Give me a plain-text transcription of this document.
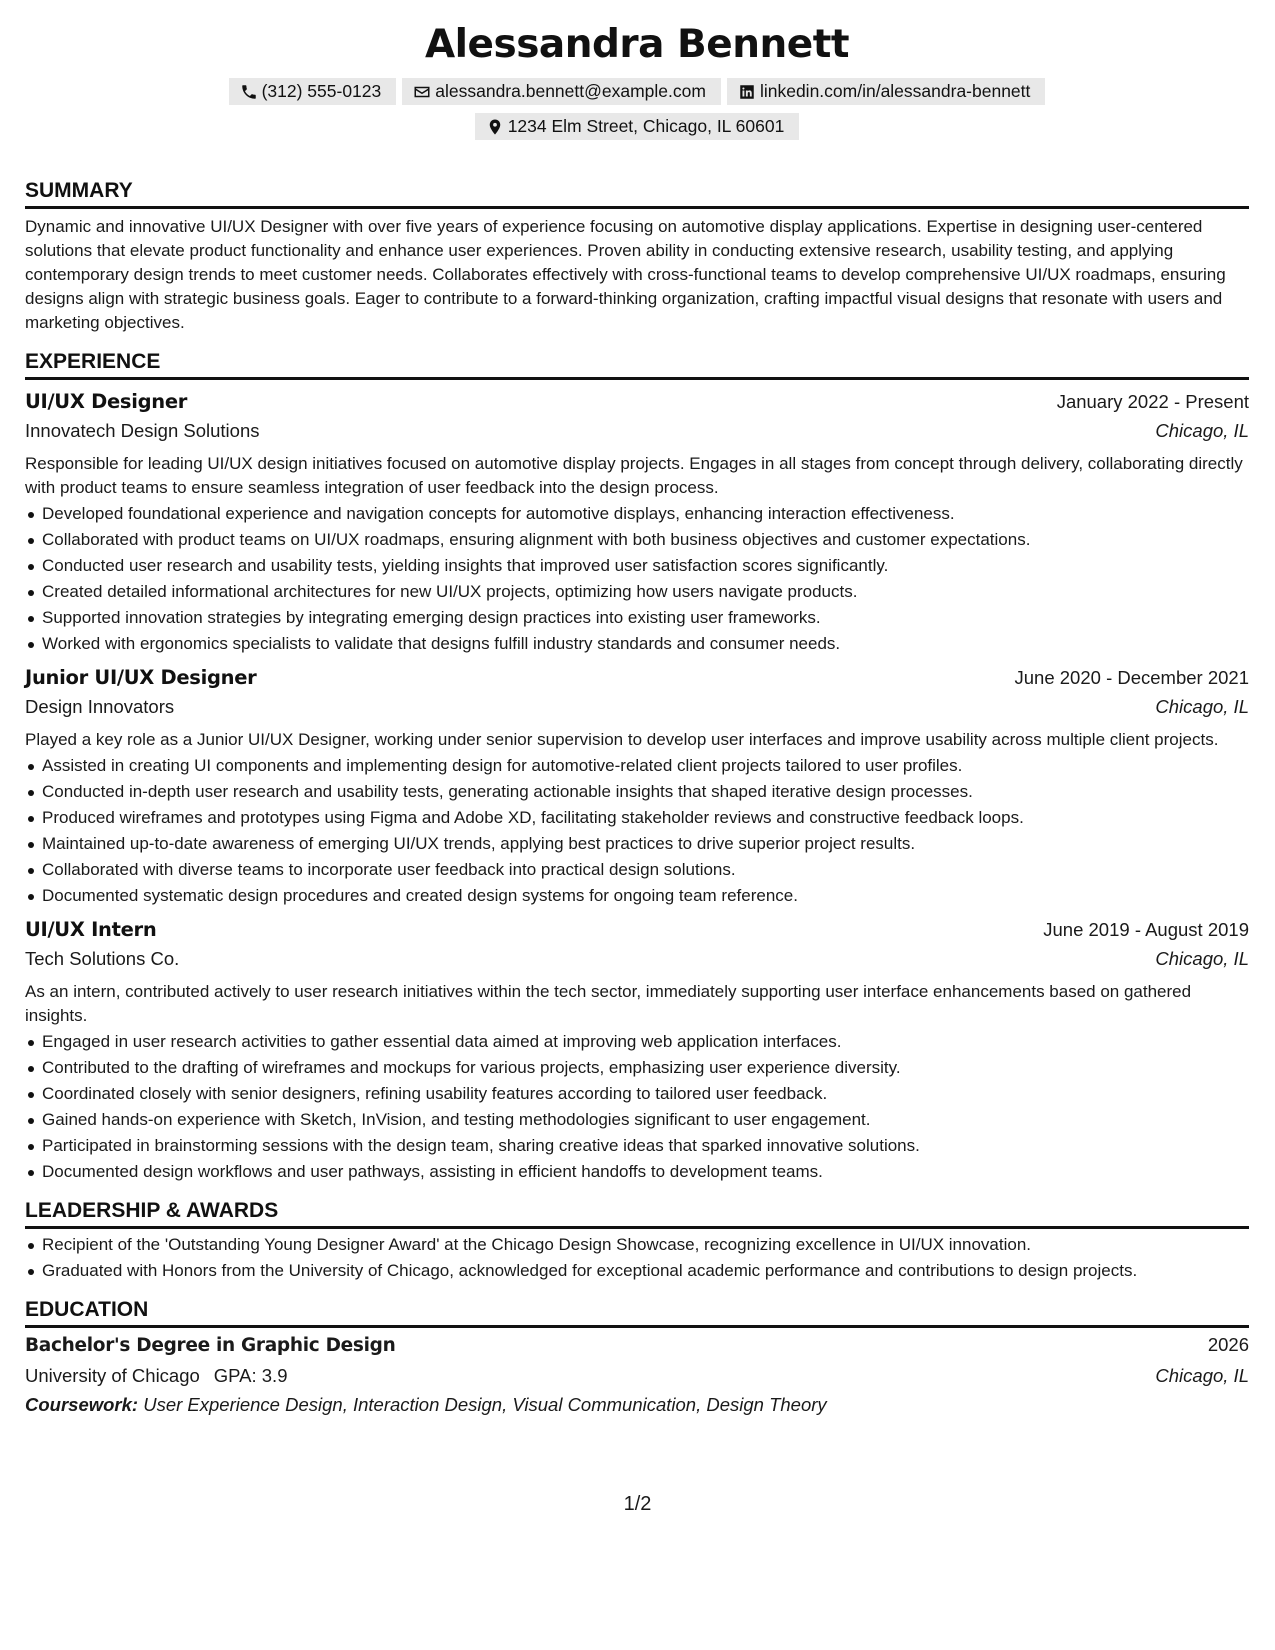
Alessandra Bennett
(312) 555-0123	alessandra.bennett@example.com	linkedin.com/in/alessandra-bennett
1234 Elm Street, Chicago, IL 60601
SUMMARY
Dynamic and innovative UI/UX Designer with over five years of experience focusing on automotive display applications. Expertise in designing user-centered solutions that elevate product functionality and enhance user experiences. Proven ability in conducting extensive research, usability testing, and applying contemporary design trends to meet customer needs. Collaborates effectively with cross-functional teams to develop comprehensive UI/UX roadmaps, ensuring designs align with strategic business goals. Eager to contribute to a forward-thinking organization, crafting impactful visual designs that resonate with users and marketing objectives.
EXPERIENCE
UI/UX Designer	January 2022 - Present
Innovatech Design Solutions	Chicago, IL
Responsible for leading UI/UX design initiatives focused on automotive display projects. Engages in all stages from concept through delivery, collaborating directly with product teams to ensure seamless integration of user feedback into the design process.
Developed foundational experience and navigation concepts for automotive displays, enhancing interaction effectiveness.
Collaborated with product teams on UI/UX roadmaps, ensuring alignment with both business objectives and customer expectations.
Conducted user research and usability tests, yielding insights that improved user satisfaction scores significantly.
Created detailed informational architectures for new UI/UX projects, optimizing how users navigate products.
Supported innovation strategies by integrating emerging design practices into existing user frameworks.
Worked with ergonomics specialists to validate that designs fulfill industry standards and consumer needs.
Junior UI/UX Designer	June 2020 - December 2021
Design Innovators	Chicago, IL
Played a key role as a Junior UI/UX Designer, working under senior supervision to develop user interfaces and improve usability across multiple client projects.
Assisted in creating UI components and implementing design for automotive-related client projects tailored to user profiles.
Conducted in-depth user research and usability tests, generating actionable insights that shaped iterative design processes.
Produced wireframes and prototypes using Figma and Adobe XD, facilitating stakeholder reviews and constructive feedback loops.
Maintained up-to-date awareness of emerging UI/UX trends, applying best practices to drive superior project results.
Collaborated with diverse teams to incorporate user feedback into practical design solutions.
Documented systematic design procedures and created design systems for ongoing team reference.
UI/UX Intern	June 2019 - August 2019
Tech Solutions Co.	Chicago, IL
As an intern, contributed actively to user research initiatives within the tech sector, immediately supporting user interface enhancements based on gathered insights.
Engaged in user research activities to gather essential data aimed at improving web application interfaces.
Contributed to the drafting of wireframes and mockups for various projects, emphasizing user experience diversity.
Coordinated closely with senior designers, refining usability features according to tailored user feedback.
Gained hands-on experience with Sketch, InVision, and testing methodologies significant to user engagement.
Participated in brainstorming sessions with the design team, sharing creative ideas that sparked innovative solutions.
Documented design workflows and user pathways, assisting in efficient handoffs to development teams.
LEADERSHIP & AWARDS
Recipient of the 'Outstanding Young Designer Award' at the Chicago Design Showcase, recognizing excellence in UI/UX innovation.
Graduated with Honors from the University of Chicago, acknowledged for exceptional academic performance and contributions to design projects.
EDUCATION
Bachelor's Degree in Graphic Design	2026
University of Chicago GPA: 3.9	Chicago, IL
Coursework: User Experience Design, Interaction Design, Visual Communication, Design Theory
1/2
